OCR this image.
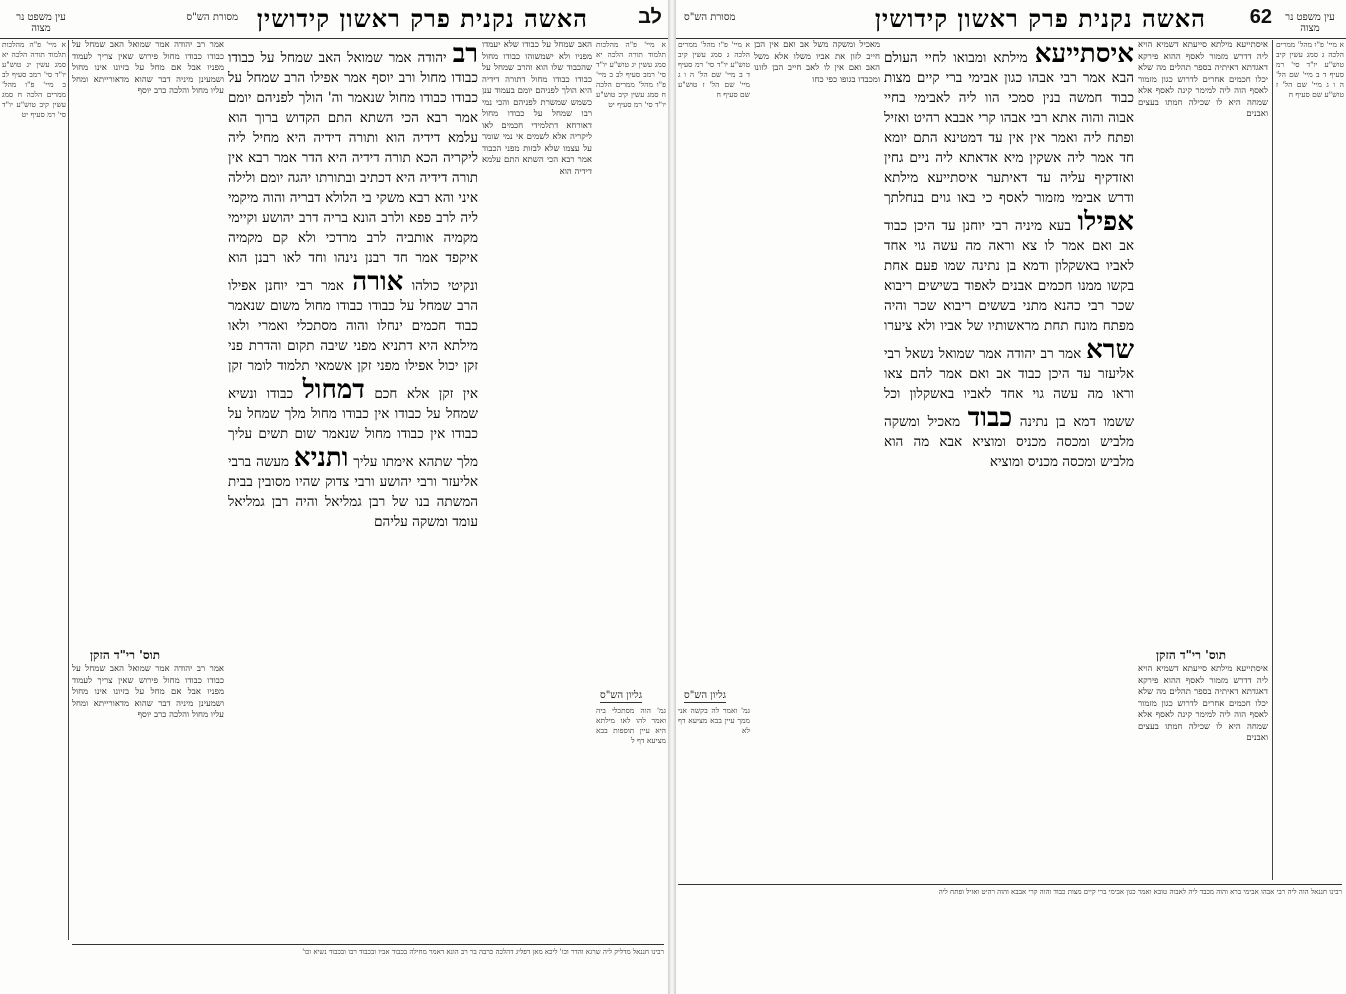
לב
האשה נקנית פרק ראשון קידושין
מסורת הש"ס
עין משפט נר מצוה
א מיי' פ"ה מהלכות תלמוד תורה הלכה יא סמג עשין יג טוש"ע יו"ד סי' רמב סעיף לב ב מיי' פ"ו מהל' ממרים הלכה ח סמג עשין קיב טוש"ע יו"ד סי' רמ סעיף יט
אמר רב יהודה אמר שמואל האב שמחל על כבודו כבודו מחול פירוש שאין צריך לעמוד מפניו אבל אם מחל על בזיונו אינו מחול ושמעינן מיניה דבר שהוא מדאורייתא ומחל עליו מחול והלכה כרב יוסף
תוס' רי"ד הזקן
אמר רב יהודה אמר שמואל האב שמחל על כבודו כבודו מחול פירוש שאין צריך לעמוד מפניו אבל אם מחל על בזיונו אינו מחול ושמעינן מיניה דבר שהוא מדאורייתא ומחל עליו מחול והלכה כרב יוסף
רב יהודה אמר שמואל האב שמחל על כבודו כבודו מחול ורב יוסף אמר אפילו הרב שמחל על כבודו כבודו מחול שנאמר וה' הולך לפניהם יומם אמר רבא הכי השתא התם הקדוש ברוך הוא עלמא דידיה הוא ותורה דידיה היא מחיל ליה ליקריה הכא תורה דידיה היא הדר אמר רבא אין תורה דידיה היא דכתיב ובתורתו יהגה יומם ולילה איני והא רבא משקי בי הלולא דבריה והוה מיקמי ליה לרב פפא ולרב הונא בריה דרב יהושע וקיימי מקמיה אותביה לרב מרדכי ולא קם מקמיה איקפד אמר חד רבנן נינהו וחד לאו רבנן הוא ונקיטי כולהו אורה אמר רבי יוחנן אפילו הרב שמחל על כבודו כבודו מחול משום שנאמר כבוד חכמים ינחלו והוה מסתכלי ואמרי ולאו מילתא היא דתניא מפני שיבה תקום והדרת פני זקן יכול אפילו מפני זקן אשמאי תלמוד לומר זקן אין זקן אלא חכם דמחול כבודו ונשיא שמחל על כבודו אין כבודו מחול מלך שמחל על כבודו אין כבודו מחול שנאמר שום תשים עליך מלך שתהא אימתו עליך ותניא מעשה ברבי אליעזר ורבי יהושע ורבי צדוק שהיו מסובין בבית המשתה בנו של רבן גמליאל והיה רבן גמליאל עומד ומשקה עליהם
האב שמחל על כבודו שלא יעמדו מפניו ולא ישמשוהו כבודו מחול שהכבוד שלו הוא והרב שמחל על כבודו כבודו מחול דתורה דידיה היא הולך לפניהם יומם בעמוד ענן כשמש שמשרת לפניהם והכי נמי רבו שמחל על כבודו מחול דאורחא דתלמידי חכמים לאו ליקריה אלא לשמים אי נמי שומר על עצמו שלא לבזות מפני הכבוד אמר רבא הכי השתא התם עלמא דידיה הוא
א מיי' פ"ה מהלכות תלמוד תורה הלכה יא סמג עשין יג טוש"ע יו"ד סי' רמב סעיף לב ב מיי' פ"ו מהל' ממרים הלכה ח סמג עשין קיב טוש"ע יו"ד סי' רמ סעיף יט
גליון הש"ס
גמ' הוה מסתכלי ביה ואמר להו לאו מילתא היא עיין תוספות בבא מציעא דף ל
רבינו חננאל מדליק ליה שרגא והדר וכו' ליכא מאן דפליג דהלכה כרבה בר רב הונא דאמר מחילה בכבוד אביו ובכבוד רבו ובכבוד נשיא וכו'
עין משפט נר מצוה
62
האשה נקנית פרק ראשון קידושין
מסורת הש"ס
א מיי' פ"ו מהל' ממרים הלכה ג סמג עשין קיב טוש"ע יו"ד סי' רמ סעיף ד ב מיי' שם הל' ה ו ג מיי' שם הל' ז טוש"ע שם סעיף ח
גליון הש"ס
גמ' ואמר לה בקשה אני ממך עיין בבא מציעא דף לא
מאכיל ומשקה משל אב ואם אין הבן חייב לזון את אביו משלו אלא משל האב ואם אין לו לאב חייב הבן לזונו ומכבדו בגופו כפי כחו
איסתייעא מילתא ומבואו לחיי העולם הבא אמר רבי אבהו כגון אבימי ברי קיים מצות כבוד חמשה בנין סמכי הוו ליה לאבימי בחיי אבוה והוה אתא רבי אבהו קרי אבבא רהיט ואזיל ופתח ליה ואמר אין אין עד דמטינא התם יומא חד אמר ליה אשקין מיא אדאתא ליה ניים גחין ואזדקיף עליה עד דאיתער איסתייעא מילתא ודרש אבימי מזמור לאסף כי באו גוים בנחלתך אפילו בעא מיניה רבי יוחנן עד היכן כבוד אב ואם אמר לו צא וראה מה עשה גוי אחד לאביו באשקלון ודמא בן נתינה שמו פעם אחת בקשו ממנו חכמים אבנים לאפוד בשישים ריבוא שכר רבי כהנא מתני בששים ריבוא שכר והיה מפתח מונח תחת מראשותיו של אביו ולא ציערו שרא אמר רב יהודה אמר שמואל נשאל רבי אליעזר עד היכן כבוד אב ואם אמר להם צאו וראו מה עשה גוי אחד לאביו באשקלון וכל ששמו דמא בן נתינה כבוד מאכיל ומשקה מלביש ומכסה מכניס ומוציא אבא מה הוא מלביש ומכסה מכניס ומוציא
איסתייעא מילתא סייעתא דשמיא הויא ליה דדרש מזמור לאסף ההוא פירקא דאגדתא דאיתיה בספר תהלים מה שלא יכלו חכמים אחרים לדרוש כגון מזמור לאסף הוה ליה למימר קינה לאסף אלא שמחה היא לו שכילה חמתו בעצים ואבנים
תוס' רי"ד הזקן
איסתייעא מילתא סייעתא דשמיא הויא ליה דדרש מזמור לאסף ההוא פירקא דאגדתא דאיתיה בספר תהלים מה שלא יכלו חכמים אחרים לדרוש כגון מזמור לאסף הוה ליה למימר קינה לאסף אלא שמחה היא לו שכילה חמתו בעצים ואבנים
א מיי' פ"ו מהל' ממרים הלכה ג סמג עשין קיב טוש"ע יו"ד סי' רמ סעיף ד ב מיי' שם הל' ה ו ג מיי' שם הל' ז טוש"ע שם סעיף ח
רבינו חננאל הוה ליה רבי אבהו אבימי ברא והוה מכבד ליה לאבוה טובא ואמר כגון אבימי ברי קיים מצות כבוד והוה קרי אבבא והוה רהיט ואזיל ופתח ליה
